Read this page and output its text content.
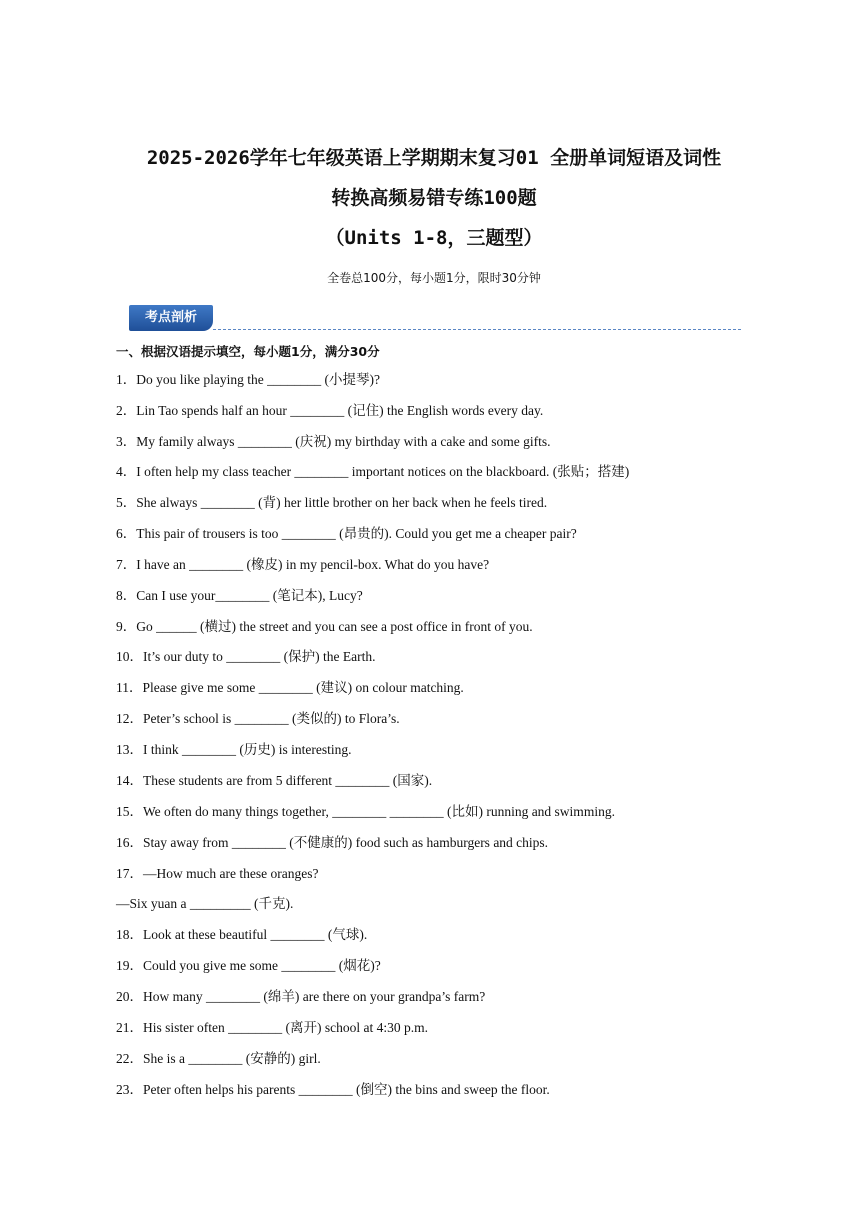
2025-2026学年七年级英语上学期期末复习01 全册单词短语及词性
转换高频易错专练100题
（Units 1-8，三题型）
全卷总100分，每小题1分，限时30分钟
考点剖析
一、根据汉语提示填空，每小题1分，满分30分
1．Do you like playing the ________ (小提琴)?
2．Lin Tao spends half an hour ________ (记住) the English words every day.
3．My family always ________ (庆祝) my birthday with a cake and some gifts.
4．I often help my class teacher ________ important notices on the blackboard. (张贴；搭建)
5．She always ________ (背) her little brother on her back when he feels tired.
6．This pair of trousers is too ________ (昂贵的). Could you get me a cheaper pair?
7．I have an ________ (橡皮) in my pencil-box. What do you have?
8．Can I use your________ (笔记本), Lucy?
9．Go ______ (横过) the street and you can see a post office in front of you.
10．It’s our duty to ________ (保护) the Earth.
11．Please give me some ________ (建议) on colour matching.
12．Peter’s school is ________ (类似的) to Flora’s.
13．I think ________ (历史) is interesting.
14．These students are from 5 different ________ (国家).
15．We often do many things together, ________ ________ (比如) running and swimming.
16．Stay away from ________ (不健康的) food such as hamburgers and chips.
17．—How much are these oranges?
—Six yuan a _________ (千克).
18．Look at these beautiful ________ (气球).
19．Could you give me some ________ (烟花)?
20．How many ________ (绵羊) are there on your grandpa’s farm?
21．His sister often ________ (离开) school at 4:30 p.m.
22．She is a ________ (安静的) girl.
23．Peter often helps his parents ________ (倒空) the bins and sweep the floor.
